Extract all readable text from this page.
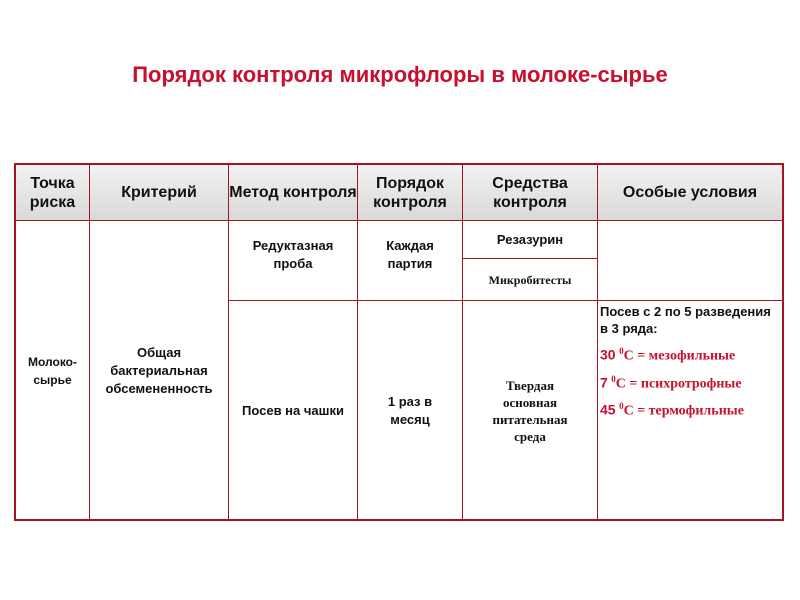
Порядок контроля микрофлоры в молоке-сырье
Точка риска
Критерий	Метод контроля
Порядок контроля
Средства контроля
Особые условия
Молоко-сырье
Общая бактериальная обсемененность
Редуктазная проба
Каждая партия
Резазурин
Микробитесты
Посев на чашки
1 раз в месяц
Твердая основная питательная среда
Посев с 2 по 5 разведения в 3 ряда:
30 $^0$C = мезофильные
7 $^0$C = психротрофные
45 $^0$C = термофильные
